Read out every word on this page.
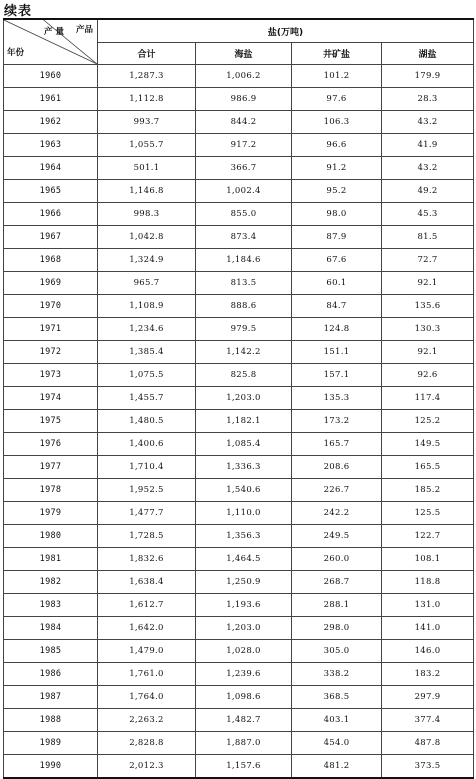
续表
产品
产 量
年份	盐(万吨)			
	合计	海盐	井矿盐	湖盐
1960	1,287.3	1,006.2	101.2	179.9
1961	1,112.8	986.9	97.6	28.3
1962	993.7	844.2	106.3	43.2
1963	1,055.7	917.2	96.6	41.9
1964	501.1	366.7	91.2	43.2
1965	1,146.8	1,002.4	95.2	49.2
1966	998.3	855.0	98.0	45.3
1967	1,042.8	873.4	87.9	81.5
1968	1,324.9	1,184.6	67.6	72.7
1969	965.7	813.5	60.1	92.1
1970	1,108.9	888.6	84.7	135.6
1971	1,234.6	979.5	124.8	130.3
1972	1,385.4	1,142.2	151.1	92.1
1973	1,075.5	825.8	157.1	92.6
1974	1,455.7	1,203.0	135.3	117.4
1975	1,480.5	1,182.1	173.2	125.2
1976	1,400.6	1,085.4	165.7	149.5
1977	1,710.4	1,336.3	208.6	165.5
1978	1,952.5	1,540.6	226.7	185.2
1979	1,477.7	1,110.0	242.2	125.5
1980	1,728.5	1,356.3	249.5	122.7
1981	1,832.6	1,464.5	260.0	108.1
1982	1,638.4	1,250.9	268.7	118.8
1983	1,612.7	1,193.6	288.1	131.0
1984	1,642.0	1,203.0	298.0	141.0
1985	1,479.0	1,028.0	305.0	146.0
1986	1,761.0	1,239.6	338.2	183.2
1987	1,764.0	1,098.6	368.5	297.9
1988	2,263.2	1,482.7	403.1	377.4
1989	2,828.8	1,887.0	454.0	487.8
1990	2,012.3	1,157.6	481.2	373.5
